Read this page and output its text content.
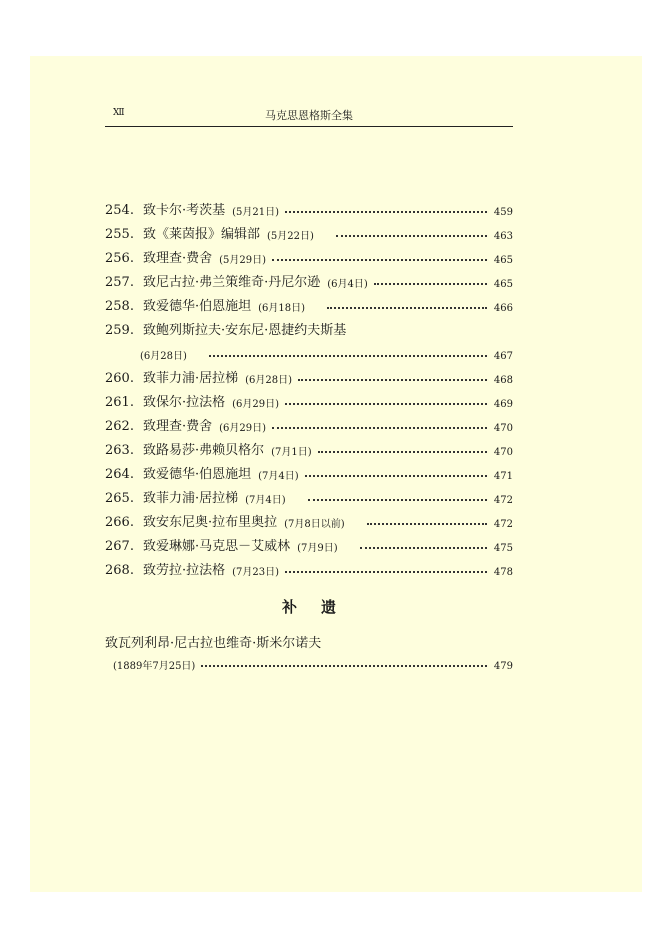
XII	马克思恩格斯全集
254. 致卡尔·考茨基 (5月21日)	459
255. 致《莱茵报》编辑部 (5月22日)	463
256. 致理查·费舍 (5月29日)	465
257. 致尼古拉·弗兰策维奇·丹尼尔逊 (6月4日)	465
258. 致爱德华·伯恩施坦 (6月18日)	466
259. 致鲍列斯拉夫·安东尼·恩捷约夫斯基
(6月28日)	467
260. 致菲力浦·居拉梯 (6月28日)	468
261. 致保尔·拉法格 (6月29日)	469
262. 致理查·费舍 (6月29日)	470
263. 致路易莎·弗赖贝格尔 (7月1日)	470
264. 致爱德华·伯恩施坦 (7月4日)	471
265. 致菲力浦·居拉梯 (7月4日)	472
266. 致安东尼奥·拉布里奥拉 (7月8日以前)	472
267. 致爱琳娜·马克思－艾威林 (7月9日)	475
268. 致劳拉·拉法格 (7月23日)	478
补遗
致瓦列利昂·尼古拉也维奇·斯米尔诺夫
(1889年7月25日)	479
